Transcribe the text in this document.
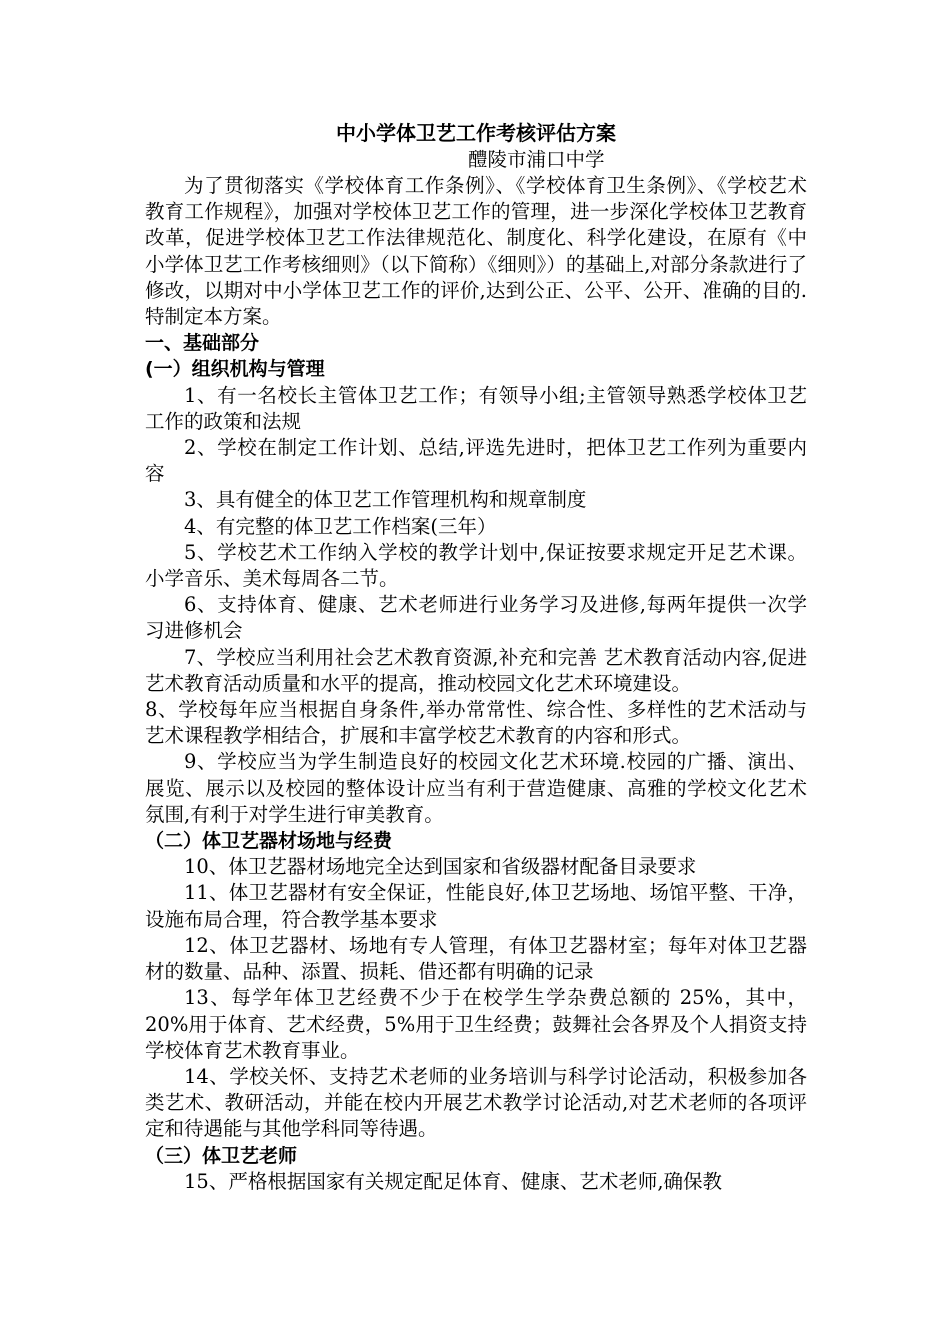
中小学体卫艺工作考核评估方案

醴陵市浦口中学

为了贯彻落实《学校体育工作条例》、《学校体育卫生条例》、《学校艺术教育工作规程》，加强对学校体卫艺工作的管理，进一步深化学校体卫艺教育改革，促进学校体卫艺工作法律规范化、制度化、科学化建设，在原有《中小学体卫艺工作考核细则》（以下简称）《细则》）的基础上,对部分条款进行了修改，以期对中小学体卫艺工作的评价,达到公正、公平、公开、准确的目的.特制定本方案。

一、基础部分

(一）组织机构与管理

1、有一名校长主管体卫艺工作；有领导小组;主管领导熟悉学校体卫艺工作的政策和法规

2、学校在制定工作计划、总结,评选先进时，把体卫艺工作列为重要内容

3、具有健全的体卫艺工作管理机构和规章制度

4、有完整的体卫艺工作档案(三年）

5、学校艺术工作纳入学校的教学计划中,保证按要求规定开足艺术课。小学音乐、美术每周各二节。

6、支持体育、健康、艺术老师进行业务学习及进修,每两年提供一次学习进修机会

7、学校应当利用社会艺术教育资源,补充和完善 艺术教育活动内容,促进 艺术教育活动质量和水平的提高，推动校园文化艺术环境建设。

8、学校每年应当根据自身条件,举办常常性、综合性、多样性的艺术活动与艺术课程教学相结合，扩展和丰富学校艺术教育的内容和形式。

9、学校应当为学生制造良好的校园文化艺术环境.校园的广播、演出、展览、展示以及校园的整体设计应当有利于营造健康、高雅的学校文化艺术氛围,有利于对学生进行审美教育。

（二）体卫艺器材场地与经费

10、体卫艺器材场地完全达到国家和省级器材配备目录要求

11、体卫艺器材有安全保证，性能良好,体卫艺场地、场馆平整、干净，设施布局合理，符合教学基本要求

12、体卫艺器材、场地有专人管理，有体卫艺器材室；每年对体卫艺器材的数量、品种、添置、损耗、借还都有明确的记录

13、每学年体卫艺经费不少于在校学生学杂费总额的 25%，其中，20%用于体育、艺术经费，5%用于卫生经费；鼓舞社会各界及个人捐资支持学校体育艺术教育事业。

14、学校关怀、支持艺术老师的业务培训与科学讨论活动，积极参加各类艺术、教研活动，并能在校内开展艺术教学讨论活动,对艺术老师的各项评定和待遇能与其他学科同等待遇。

（三）体卫艺老师

15、严格根据国家有关规定配足体育、健康、艺术老师,确保教
